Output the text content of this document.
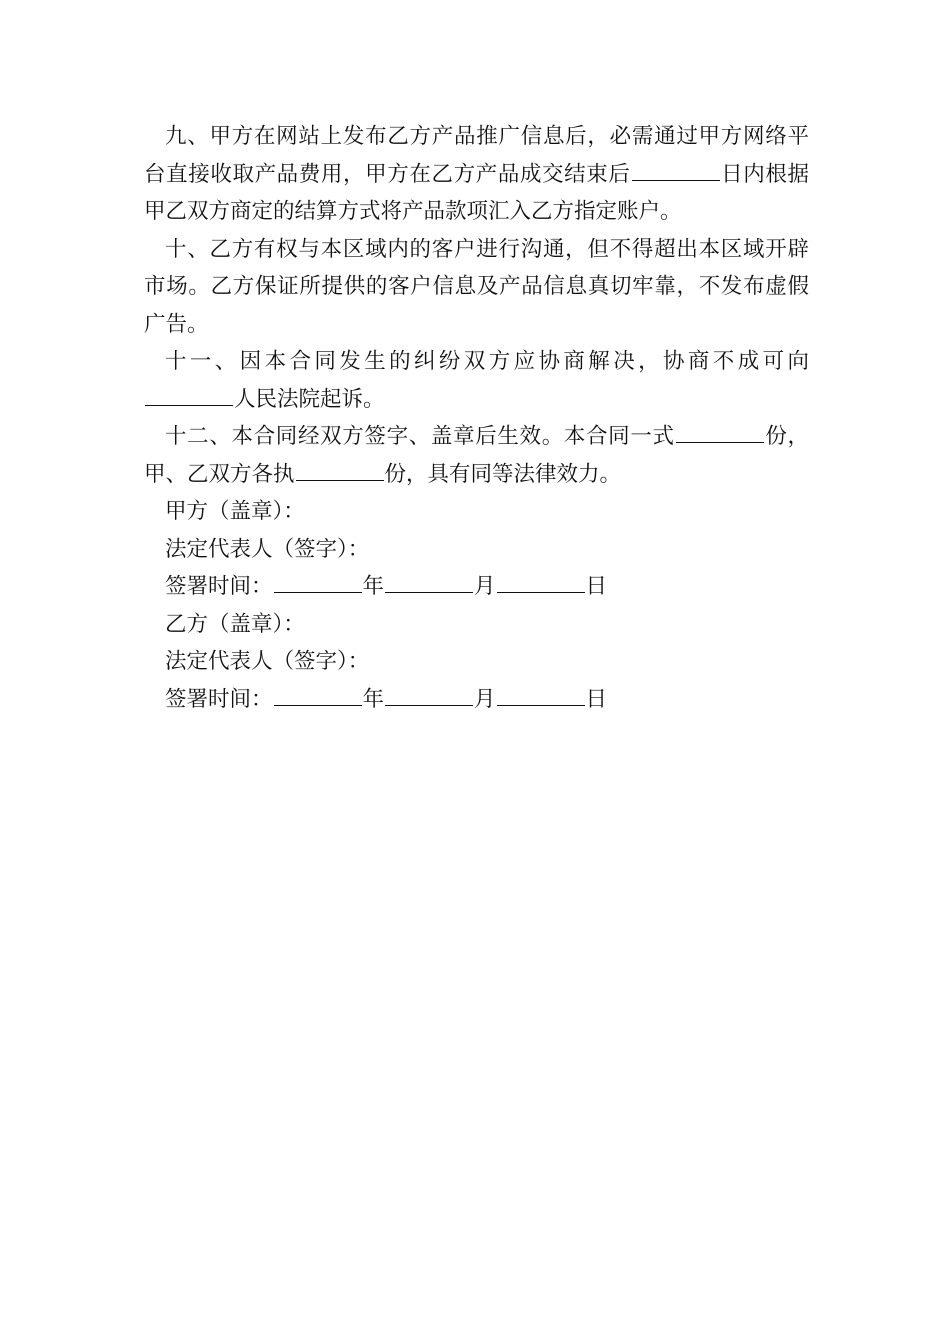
九、甲方在网站上发布乙方产品推广信息后，必需通过甲方网络平台直接收取产品费用，甲方在乙方产品成交结束后	日内根据甲乙双方商定的结算方式将产品款项汇入乙方指定账户。

十、乙方有权与本区域内的客户进行沟通，但不得超出本区域开辟市场。乙方保证所提供的客户信息及产品信息真切牢靠，不发布虚假广告。

十一、因本合同发生的纠纷双方应协商解决，协商不成可向人民法院起诉。

十二、本合同经双方签字、盖章后生效。本合同一式	份，甲、乙双方各执	份，具有同等法律效力。

甲方（盖章）：

法定代表人（签字）：

签署时间：	年	月	日

乙方（盖章）：

法定代表人（签字）：

签署时间：	年	月	日
